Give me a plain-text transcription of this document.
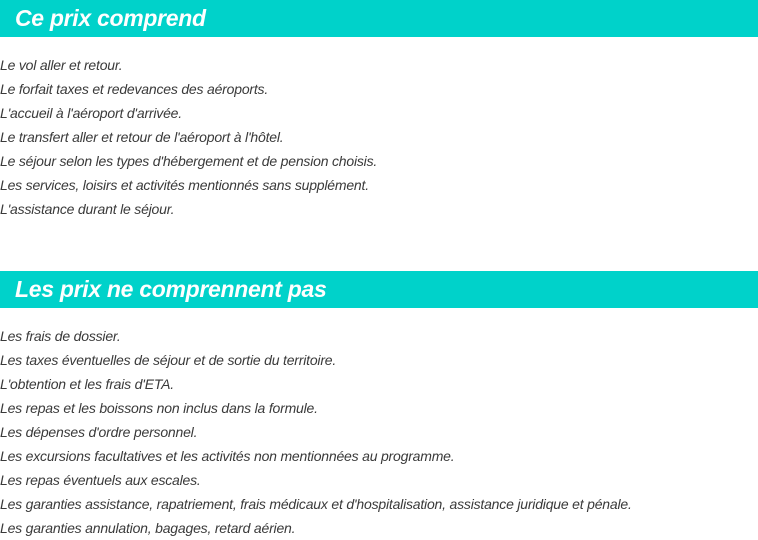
Ce prix comprend
Le vol aller et retour.
Le forfait taxes et redevances des aéroports.
L'accueil à l'aéroport d'arrivée.
Le transfert aller et retour de l'aéroport à l'hôtel.
Le séjour selon les types d'hébergement et de pension choisis.
Les services, loisirs et activités mentionnés sans supplément.
L'assistance durant le séjour.
Les prix ne comprennent pas
Les frais de dossier.
Les taxes éventuelles de séjour et de sortie du territoire.
L'obtention et les frais d'ETA.
Les repas et les boissons non inclus dans la formule.
Les dépenses d'ordre personnel.
Les excursions facultatives et les activités non mentionnées au programme.
Les repas éventuels aux escales.
Les garanties assistance, rapatriement, frais médicaux et d'hospitalisation, assistance juridique et pénale.
Les garanties annulation, bagages, retard aérien.
